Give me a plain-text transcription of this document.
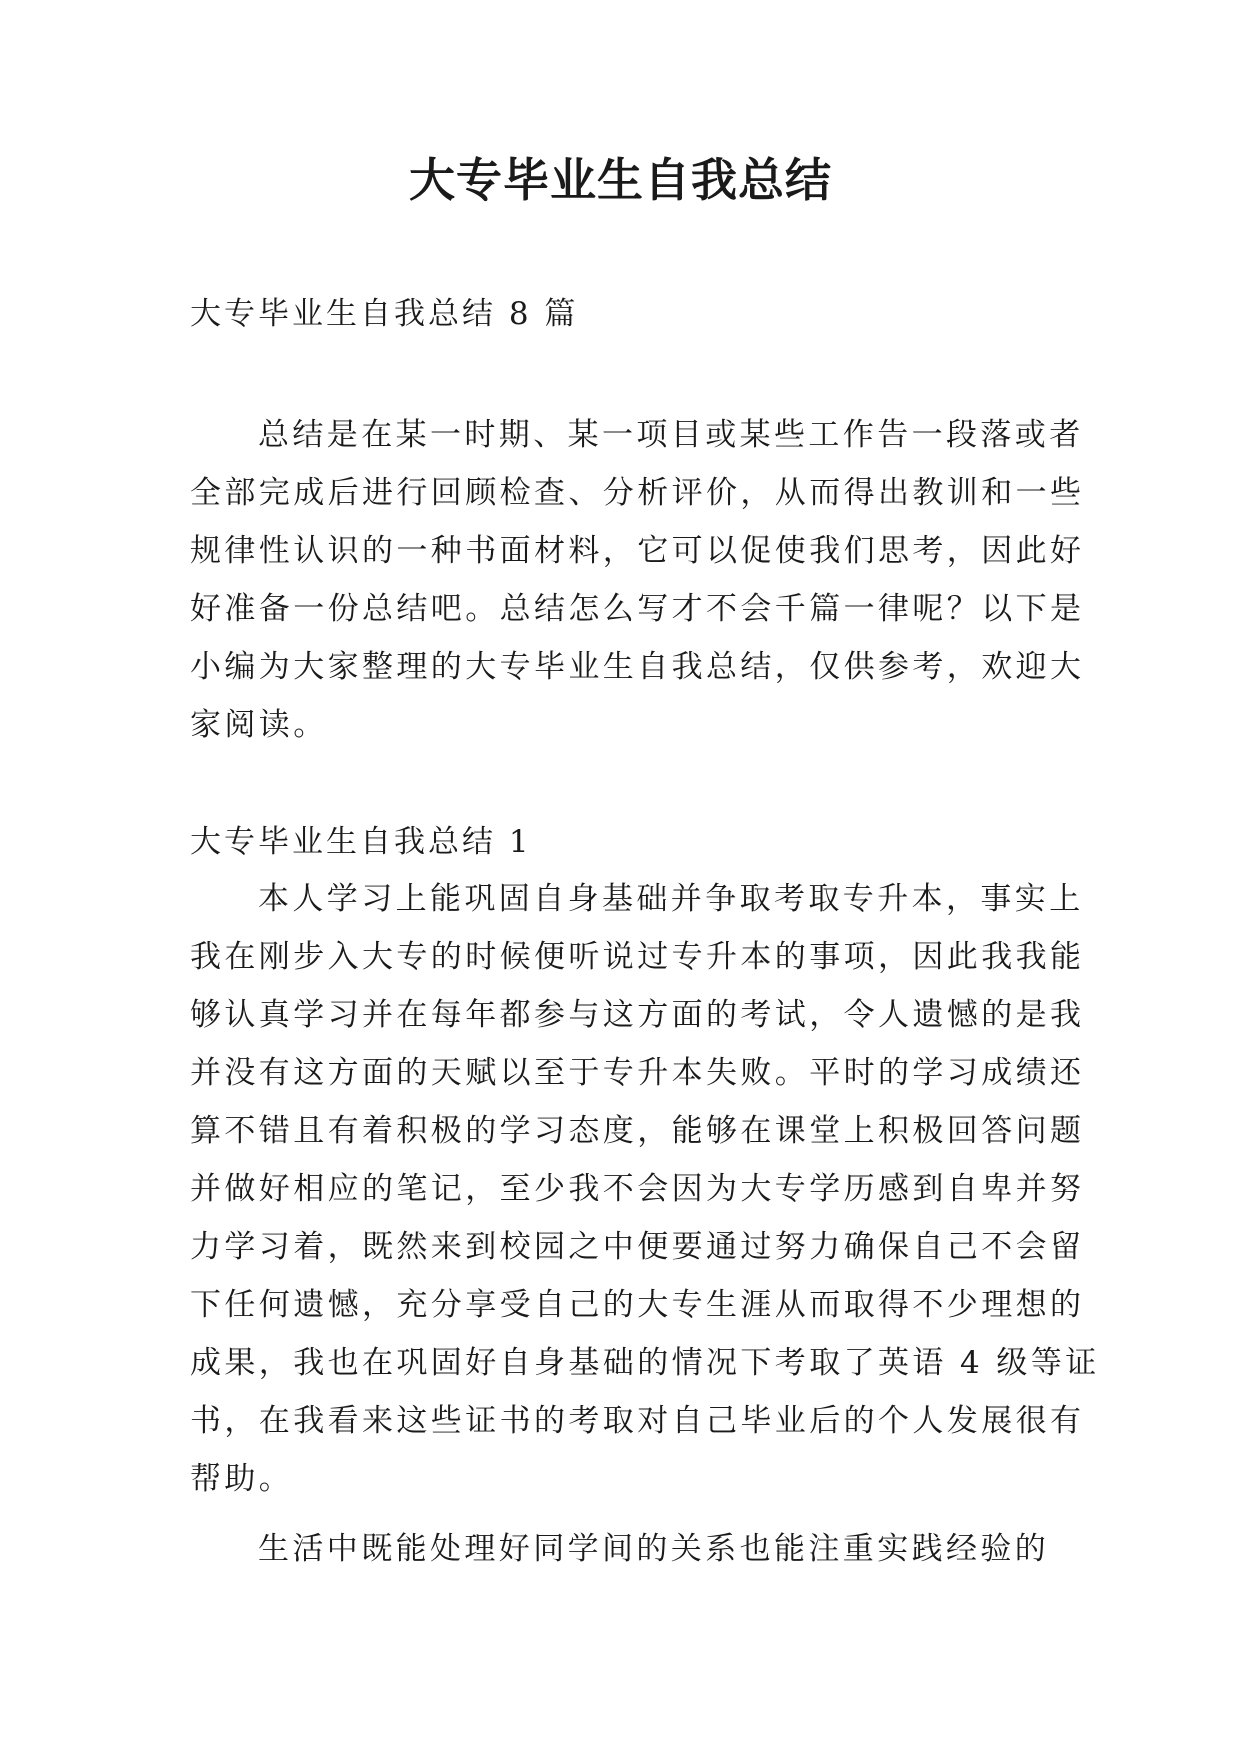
大专毕业生自我总结
大专毕业生自我总结 8 篇
总结是在某一时期、某一项目或某些工作告一段落或者
全部完成后进行回顾检查、分析评价，从而得出教训和一些
规律性认识的一种书面材料，它可以促使我们思考，因此好
好准备一份总结吧。总结怎么写才不会千篇一律呢？以下是
小编为大家整理的大专毕业生自我总结，仅供参考，欢迎大
家阅读。
大专毕业生自我总结 1
本人学习上能巩固自身基础并争取考取专升本，事实上
我在刚步入大专的时候便听说过专升本的事项，因此我我能
够认真学习并在每年都参与这方面的考试，令人遗憾的是我
并没有这方面的天赋以至于专升本失败。平时的学习成绩还
算不错且有着积极的学习态度，能够在课堂上积极回答问题
并做好相应的笔记，至少我不会因为大专学历感到自卑并努
力学习着，既然来到校园之中便要通过努力确保自己不会留
下任何遗憾，充分享受自己的大专生涯从而取得不少理想的
成果，我也在巩固好自身基础的情况下考取了英语 4 级等证
书，在我看来这些证书的考取对自己毕业后的个人发展很有
帮助。
生活中既能处理好同学间的关系也能注重实践经验的
